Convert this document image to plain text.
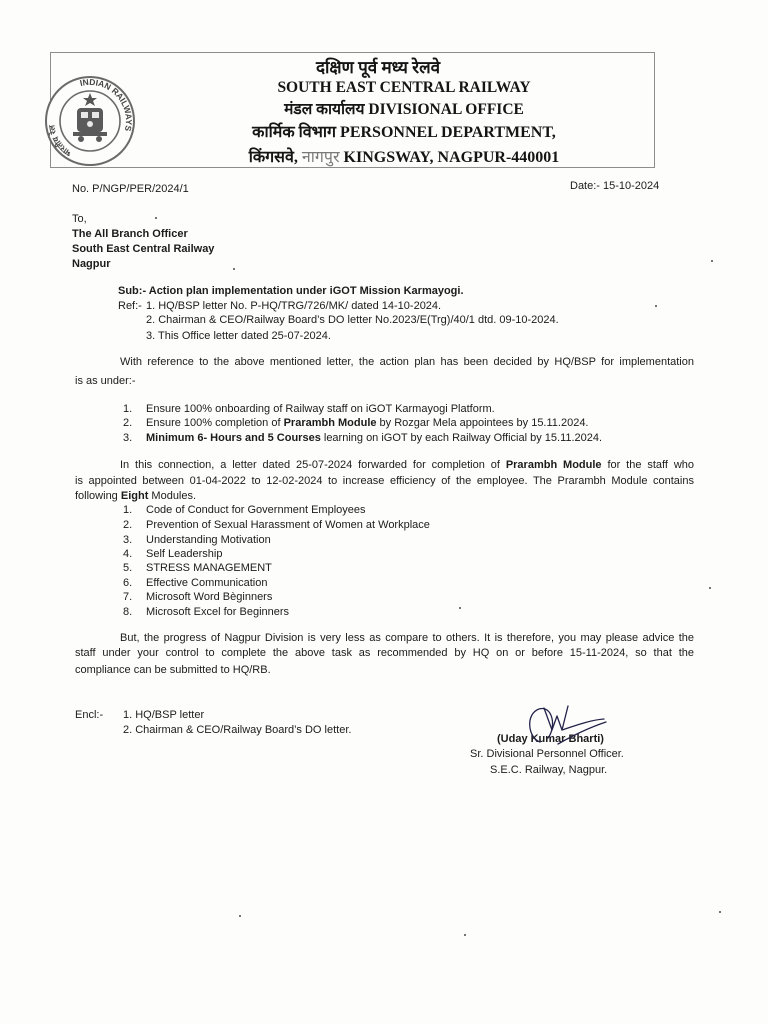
INDIAN RAILWAYS
भारतीय रेल
दक्षिण पूर्व मध्य रेलवे
SOUTH EAST CENTRAL RAILWAY
मंडल कार्यालय DIVISIONAL OFFICE
कार्मिक विभाग PERSONNEL DEPARTMENT,
किंगसवे, नागपुर KINGSWAY, NAGPUR-440001
No. P/NGP/PER/2024/1	Date:- 15-10-2024
To,
The All Branch Officer
South East Central Railway
Nagpur
Sub:- Action plan implementation under iGOT Mission Karmayogi.
Ref:- 1. HQ/BSP letter No. P-HQ/TRG/726/MK/ dated 14-10-2024.
2. Chairman & CEO/Railway Board’s DO letter No.2023/E(Trg)/40/1 dtd. 09-10-2024.
3. This Office letter dated 25-07-2024.
With reference to the above mentioned letter, the action plan has been decided by HQ/BSP for implementation
is as under:-
1. Ensure 100% onboarding of Railway staff on iGOT Karmayogi Platform.
2. Ensure 100% completion of Prarambh Module by Rozgar Mela appointees by 15.11.2024.
3. Minimum 6- Hours and 5 Courses learning on iGOT by each Railway Official by 15.11.2024.
In this connection, a letter dated 25-07-2024 forwarded for completion of Prarambh Module for the staff who
is appointed between 01-04-2022 to 12-02-2024 to increase efficiency of the employee. The Prarambh Module contains
following Eight Modules.
1. Code of Conduct for Government Employees
2. Prevention of Sexual Harassment of Women at Workplace
3. Understanding Motivation
4. Self Leadership
5. STRESS MANAGEMENT
6. Effective Communication
7. Microsoft Word Bèginners
8. Microsoft Excel for Beginners
But, the progress of Nagpur Division is very less as compare to others. It is therefore, you may please advice the
staff under your control to complete the above task as recommended by HQ on or before 15-11-2024, so that the
compliance can be submitted to HQ/RB.
Encl:- 1. HQ/BSP letter
2. Chairman & CEO/Railway Board’s DO letter.
(Uday Kumar Bharti)
Sr. Divisional Personnel Officer.
S.E.C. Railway, Nagpur.
